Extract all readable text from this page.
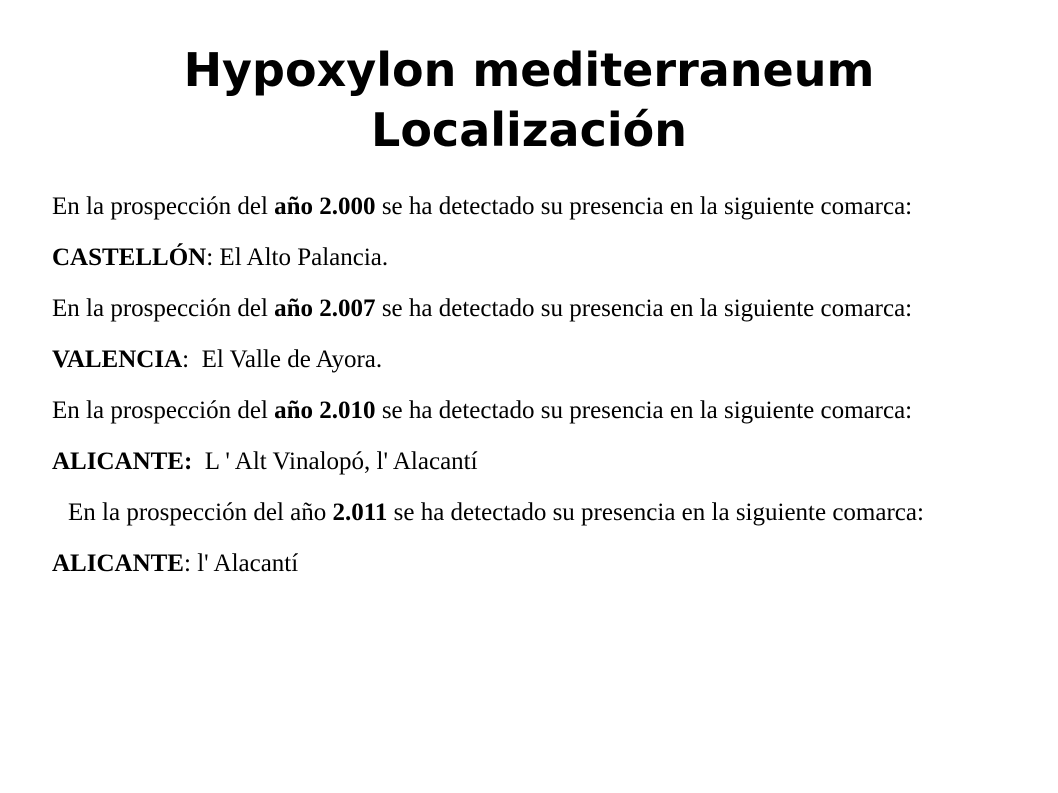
Hypoxylon mediterraneum
Localización

En la prospección del año 2.000 se ha detectado su presencia en la siguiente comarca:

CASTELLÓN: El Alto Palancia.

En la prospección del año 2.007 se ha detectado su presencia en la siguiente comarca:

VALENCIA:  El Valle de Ayora.

En la prospección del año 2.010 se ha detectado su presencia en la siguiente comarca:

ALICANTE: L ' Alt Vinalopó, l' Alacantí

En la prospección del año 2.011 se ha detectado su presencia en la siguiente comarca:

ALICANTE: l' Alacantí
